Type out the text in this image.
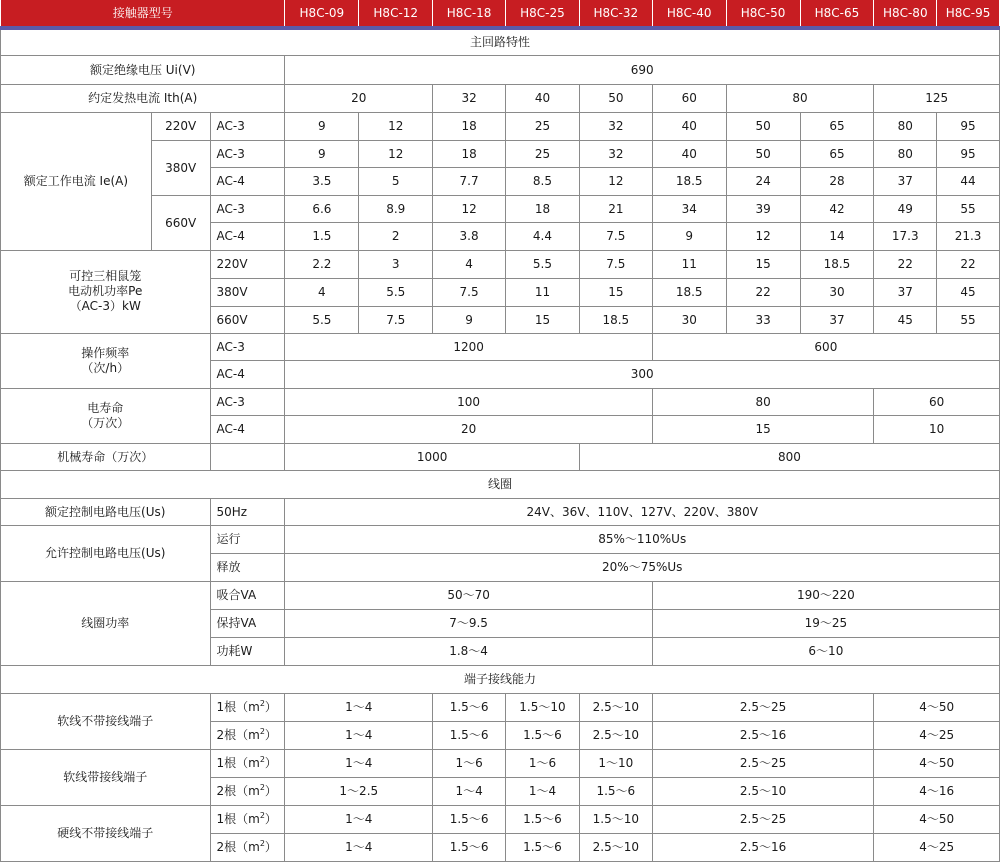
接触器型号			H8C-09	H8C-12	H8C-18	H8C-25	H8C-32	H8C-40	H8C-50	H8C-65	H8C-80	H8C-95
主回路特性												
额定绝缘电压 Ui(V)			690									
约定发热电流 Ith(A)			20		32	40	50	60	80		125	
额定工作电流 Ie(A)	220V	AC-3	9	12	18	25	32	40	50	65	80	95
	380V	AC-3	9	12	18	25	32	40	50	65	80	95
		AC-4	3.5	5	7.7	8.5	12	18.5	24	28	37	44
	660V	AC-3	6.6	8.9	12	18	21	34	39	42	49	55
		AC-4	1.5	2	3.8	4.4	7.5	9	12	14	17.3	21.3
可控三相鼠笼
电动机功率Pe
（AC-3）kW		220V	2.2	3	4	5.5	7.5	11	15	18.5	22	22
		380V	4	5.5	7.5	11	15	18.5	22	30	37	45
		660V	5.5	7.5	9	15	18.5	30	33	37	45	55
操作频率
（次/h）		AC-3	1200					600				
		AC-4	300									
电寿命
（万次）		AC-3	100					80			60	
		AC-4	20					15			10	
机械寿命（万次）			1000				800					
线圈												
额定控制电路电压(Us)		50Hz	24V、36V、110V、127V、220V、380V									
允许控制电路电压(Us)		运行	85%～110%Us									
		释放	20%～75%Us									
线圈功率		吸合VA	50～70					190～220				
		保持VA	7～9.5					19～25				
		功耗W	1.8～4					6～10				
端子接线能力												
软线不带接线端子		1根$(m^2)$	1～4		1.5～6	1.5～10	2.5～10	2.5～25			4～50	
		2根$(m^2)$	1～4		1.5～6	1.5～6	2.5～10	2.5～16			4～25	
软线带接线端子		1根$(m^2)$	1～4		1～6	1～6	1～10	2.5～25			4～50	
		2根$(m^2)$	1～2.5		1～4	1～4	1.5～6	2.5～10			4～16	
硬线不带接线端子		1根$(m^2)$	1～4		1.5～6	1.5～6	1.5～10	2.5～25			4～50	
		2根$(m^2)$	1～4		1.5～6	1.5～6	2.5～10	2.5～16			4～25	
